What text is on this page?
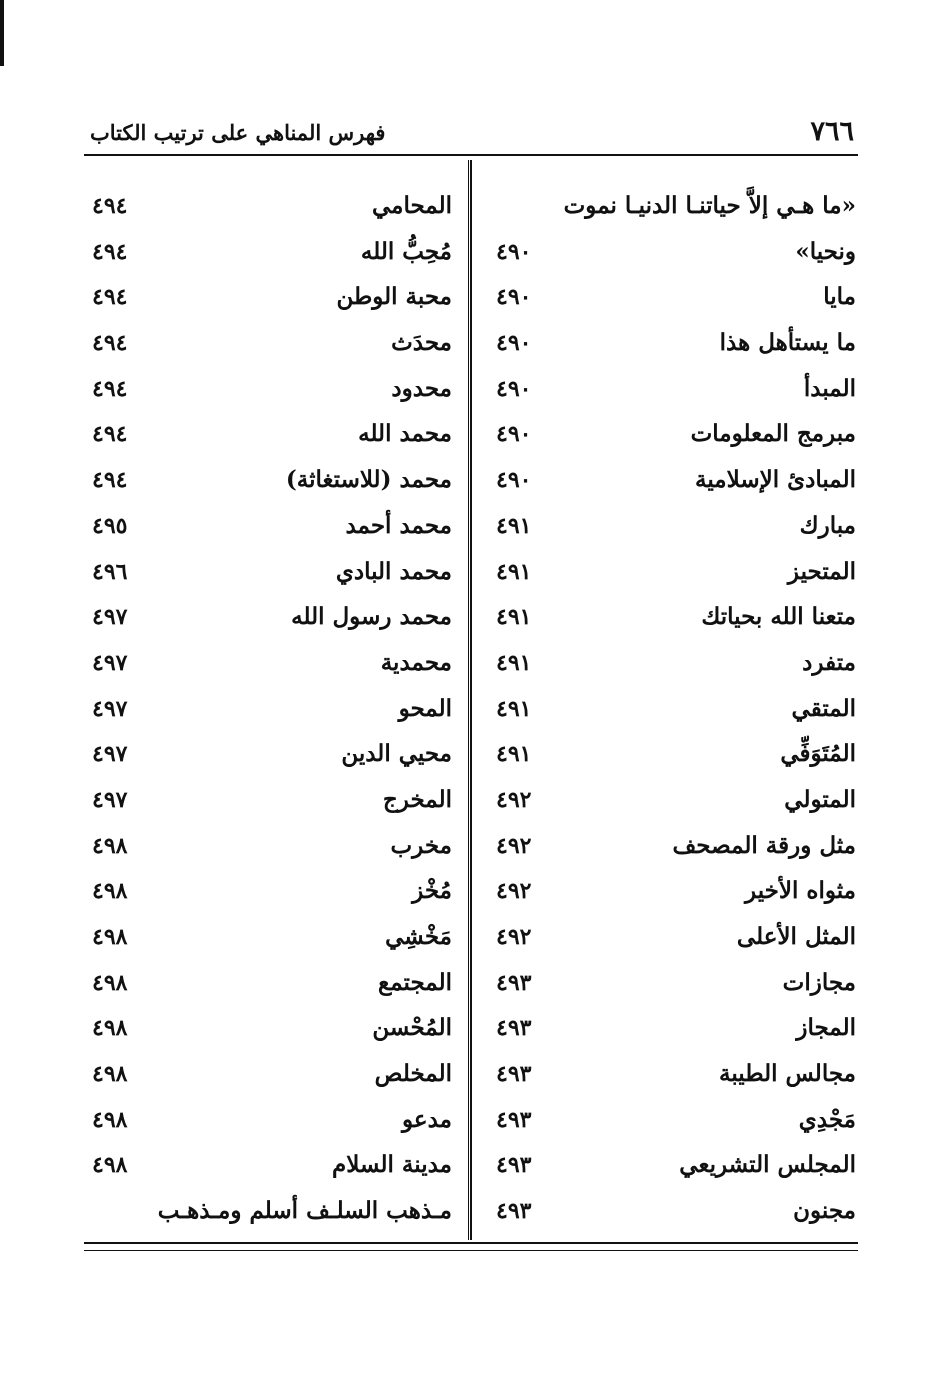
٧٦٦
فهرس المناهي على ترتيب الكتاب
«ما هـي إلاَّ حياتنـا الدنيـا نموت
ونحيا»
٤٩٠
مايا
٤٩٠
ما يستأهل هذا
٤٩٠
المبدأ
٤٩٠
مبرمج المعلومات
٤٩٠
المبادئ الإسلامية
٤٩٠
مبارك
٤٩١
المتحيز
٤٩١
متعنا الله بحياتك
٤٩١
متفرد
٤٩١
المتقي
٤٩١
المُتَوَفِّي
٤٩١
المتولي
٤٩٢
مثل ورقة المصحف
٤٩٢
مثواه الأخير
٤٩٢
المثل الأعلى
٤٩٢
مجازات
٤٩٣
المجاز
٤٩٣
مجالس الطيبة
٤٩٣
مَجْدِي
٤٩٣
المجلس التشريعي
٤٩٣
مجنون
٤٩٣
المحامي
٤٩٤
مُحِبُّ الله
٤٩٤
محبة الوطن
٤٩٤
محدَث
٤٩٤
محدود
٤٩٤
محمد الله
٤٩٤
محمد (للاستغاثة)
٤٩٤
محمد أحمد
٤٩٥
محمد البادي
٤٩٦
محمد رسول الله
٤٩٧
محمدية
٤٩٧
المحو
٤٩٧
محيي الدين
٤٩٧
المخرج
٤٩٧
مخرب
٤٩٨
مُخْز
٤٩٨
مَخْشِي
٤٩٨
المجتمع
٤٩٨
المُحْسن
٤٩٨
المخلص
٤٩٨
مدعو
٤٩٨
مدينة السلام
٤٩٨
مـذهب السلـف أسلم ومـذهـب
